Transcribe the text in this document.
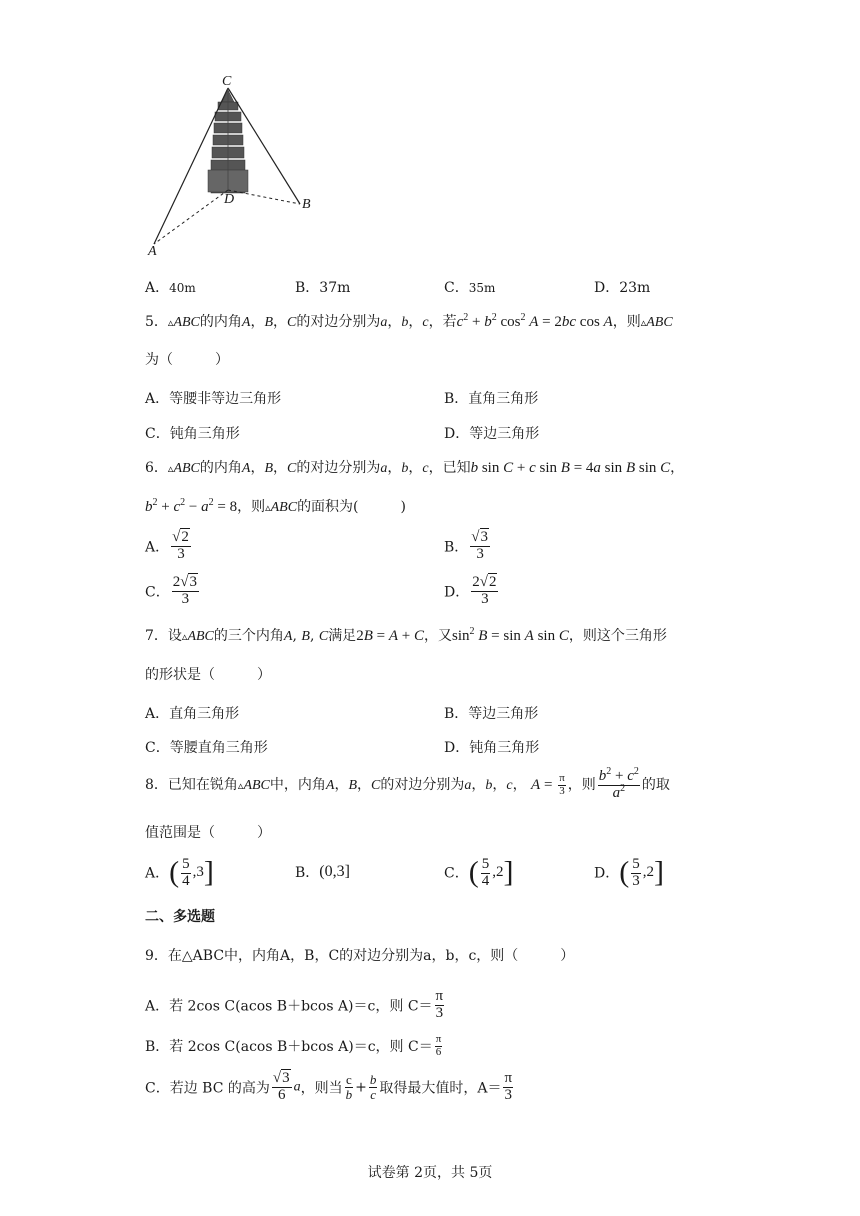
C
D	B
A
A．40m	B．37m	C．35m	D．23m
5．▵ABC的内角A，B，C的对边分别为a，b，c，若$c^2 + b^2$ $\cos^2 A = 2bc$ cos A，则▵ABC
为（　　　）
A．等腰非等边三角形	B．直角三角形
C．钝角三角形	D．等边三角形
6．▵ABC的内角A，B，C的对边分别为a，b，c，已知b sin C + c sin B = 4a sin B sin C，
$b^2 + c^2 - a^2 = 8$，则▵ABC的面积为(　　　)
A． $\frac{√2}{3}$	B． $\frac{√3}{3}$
C． $\frac{2√3}{3}$	D． $\frac{2√2}{3}$
7．设▵ABC的三个内角A, B, C满足2B = A + C，又$\sin^2 B = \sin A$ sin C，则这个三角形
的形状是（　　　）
A．直角三角形	B．等边三角形
C．等腰直角三角形	D．钝角三角形
8．已知在锐角▵ABC中，内角A，B，C的对边分别为a，b，c， $A = \frac{\pi}{3}$ ，则 $\frac{b^2 + c^2}{a^2}$ 的取
值范围是（　　　）
A．( $\frac{5}{4} ,3$]	B．(0,3]	C．( $\frac{5}{4} ,2$]	D．( $\frac{5}{3} ,2$]
二、多选题
9．在△ABC中，内角A，B，C的对边分别为a，b，c，则（　　　）
A．若 2cos C(acos B＋bcos A)＝c，则 $C= \frac{\pi}{3}$
B．若 2cos C(acos B＋bcos A)＝c，则 $C= \frac{\pi}{6}$
C．若边 BC 的高为 $\frac{√3}{6}$ a，则当 $\frac{c}{b} + \frac{b}{c}$ 取得最大值时，$A= \frac{\pi}{3}$
试卷第 2页，共 5页
